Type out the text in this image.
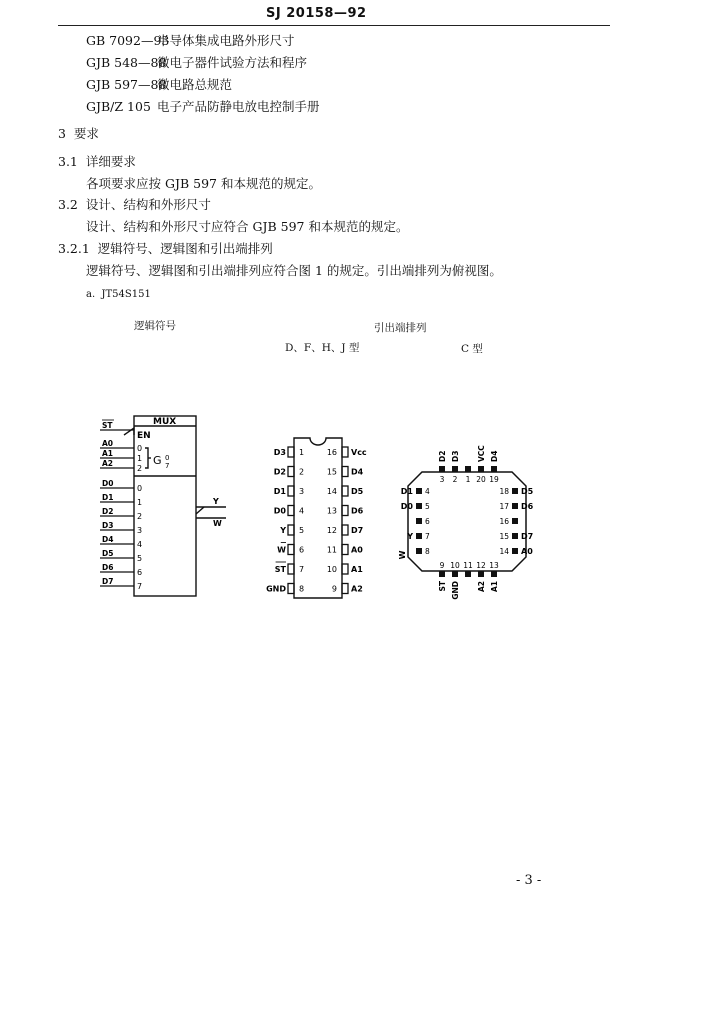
SJ 20158—92
GB 7092—93半导体集成电路外形尺寸
GJB 548—88微电子器件试验方法和程序
GJB 597—88微电路总规范
GJB/Z 105 电子产品防静电放电控制手册
3 要求
3.1 详细要求
各项要求应按 GJB 597 和本规范的规定。
3.2 设计、结构和外形尺寸
设计、结构和外形尺寸应符合 GJB 597 和本规范的规定。
3.2.1 逻辑符号、逻辑图和引出端排列
逻辑符号、逻辑图和引出端排列应符合图 1 的规定。引出端排列为俯视图。
a. JT54S151
逻辑符号	引出端排列
D、F、H、J 型	C 型
MUX
EN
G 0
7
ST
A0
0
A1
1
A2
2
D0
0
D1
1
D2
2
D3
3
D4
4
D5
5
D6
6
D7
7
Y
W
D3 1
D2 2
D1 3
D0 4
Y 5
W 6
ST 7
GND 8
16 Vcc
15 D4
14 D5
13 D6
12 D7
11 A0
10 A1
9 A2
3
D2
2
D3
1 20
VCC
19
D4
4
D1
5
D0
6
7
Y
8
W
18 D5
17 D6
16
15 D7
14 A0
9
ST
10
GND
11 12
A2
13
A1
- 3 -
